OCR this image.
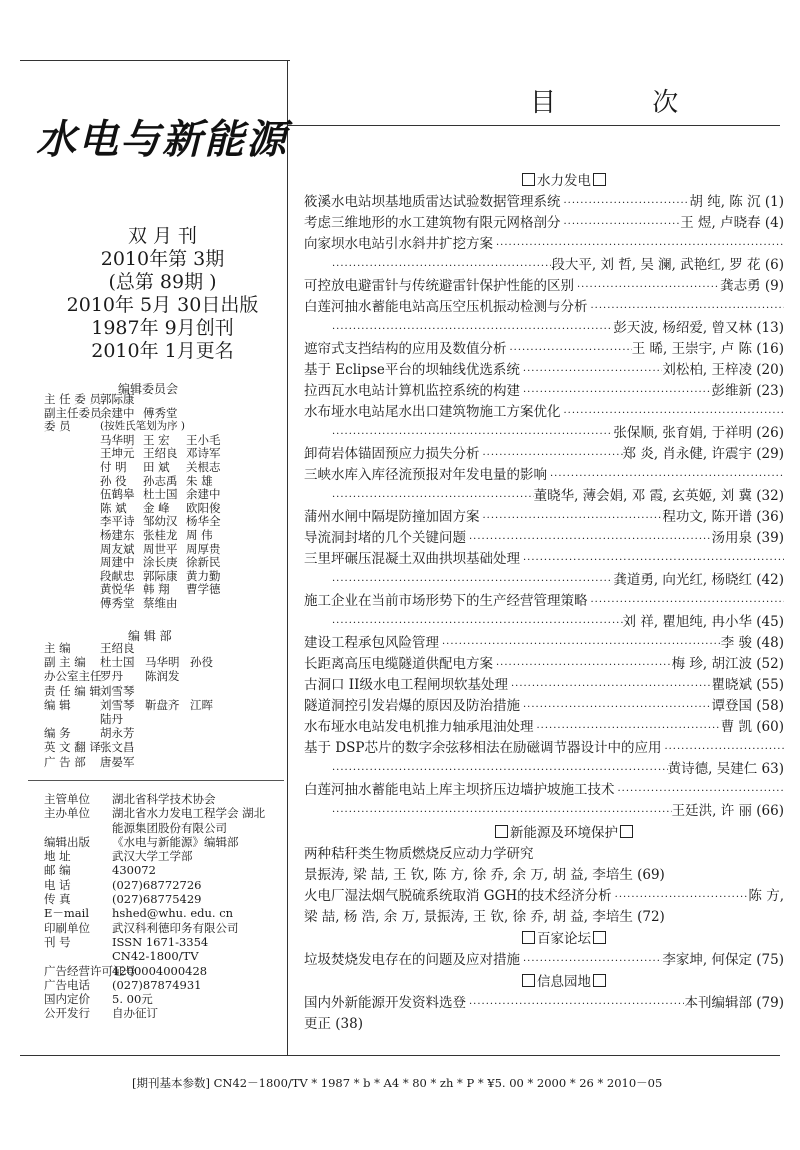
水电与新能源
双 月 刊
2010年第 3期
(总第 89期 )
2010年 5月 30日出版
1987年 9月创刊
2010年 1月更名
编辑委员会
主 任 委 员 郭际康
副主任委员
余建中 傅秀堂
委 员	(按姓氏笔划为序 )
马华明 王 宏	王小毛
王坤元 王绍良 邓诗军
付 明	田 斌	关根志
孙 役	孙志禹 朱 雄
伍鹤皋 杜士国 余建中
陈 斌	金 峰	欧阳俊
李平诗 邹幼汉 杨华全
杨建东 张桂龙 周 伟
周友斌 周世平 周厚贵
周建中 涂长庚 徐新民
段献忠 郭际康 黄力勤
黄悦华 韩 翔	曹学德
傅秀堂 蔡维由
编 辑 部
主 编	王绍良
副 主 编	杜士国 马华明 孙役
办公室主任
罗丹 陈润发
责 任 编 辑 刘雪琴
编 辑	刘雪琴 靳盘齐 江晖
陆丹
编 务	胡永芳
英 文 翻 译 张文昌
广 告 部	唐晏军
主管单位	湖北省科学技术协会
主办单位	湖北省水力发电工程学会 湖北能源集团股份有限公司
编辑出版	《水电与新能源》编辑部
地 址	武汉大学工学部
邮 编	430072
电 话	(027)68772726
传 真	(027)68775429
E－mail	hshed@whu. edu. cn
印刷单位	武汉科利德印务有限公司
刊 号	ISSN 1671-3354
CN42-1800/TV
广告经营许可证号
4200004000428
广告电话	(027)87874931
国内定价	5. 00元
公开发行	自办征订
目 次
水力发电
筱溪水电站坝基地质雷达试验数据管理系统 ·····	胡 纯, 陈 沉 (1)
考虑三维地形的水工建筑物有限元网格剖分 ·····	王 煜, 卢晓春 (4)
向家坝水电站引水斜井扩挖方案
·····
·····
段大平, 刘 哲, 吴 澜, 武艳红, 罗 花 (6)
可控放电避雷针与传统避雷针保护性能的区别 ·····	龚志勇 (9)
白莲河抽水蓄能电站高压空压机振动检测与分析
·····
·····
彭天波, 杨绍爱, 曾又林 (13)
遮帘式支挡结构的应用及数值分析 ·····	王 晞, 王崇宇, 卢 陈 (16)
基于 Eclipse平台的坝轴线优选系统 ·····	刘松柏, 王梓凌 (20)
拉西瓦水电站计算机监控系统的构建 ·····	彭维新 (23)
水布垭水电站尾水出口建筑物施工方案优化
·····
·····
张保顺, 张育娟, 于祥明 (26)
卸荷岩体锚固预应力损失分析 ·····	郑 炎, 肖永健, 许震宇 (29)
三峡水库入库径流预报对年发电量的影响
·····
·····
董晓华, 薄会娟, 邓 霞, 玄英姬, 刘 冀 (32)
蒲州水闸中隔堤防撞加固方案 ·····	程功文, 陈开谱 (36)
导流洞封堵的几个关键问题 ·····	汤用泉 (39)
三里坪碾压混凝土双曲拱坝基础处理
·····
·····
龚道勇, 向光红, 杨晓红 (42)
施工企业在当前市场形势下的生产经营管理策略
·····
·····
刘 祥, 瞿旭纯, 冉小华 (45)
建设工程承包风险管理 ·····	李 骏 (48)
长距离高压电缆隧道供配电方案 ·····	梅 珍, 胡江波 (52)
古洞口 II级水电工程闸坝软基处理 ·····	瞿晓斌 (55)
隧道洞控引发岩爆的原因及防治措施 ·····	谭登国 (58)
水布垭水电站发电机推力轴承甩油处理 ·····	曹 凯 (60)
基于 DSP芯片的数字余弦移相法在励磁调节器设计中的应用
·····
·····
黄诗德, 吴建仁 63)
白莲河抽水蓄能电站上库主坝挤压边墙护坡施工技术
·····
·····
王廷洪, 许 丽 (66)
新能源及环境保护
两种秸秆类生物质燃烧反应动力学研究
景振涛, 梁 喆, 王 钦, 陈 方, 徐 乔, 余 万, 胡 益, 李培生 (69)
火电厂湿法烟气脱硫系统取消 GGH的技术经济分析 ·····	陈 方,
梁 喆, 杨 浩, 余 万, 景振涛, 王 钦, 徐 乔, 胡 益, 李培生 (72)
百家论坛
垃圾焚烧发电存在的问题及应对措施 ·····	李家坤, 何保定 (75)
信息园地
国内外新能源开发资料选登 ·····	本刊编辑部 (79)
更正 (38)
[期刊基本参数] CN42－1800/TV * 1987 * b * A4 * 80 * zh * P * ¥5. 00 * 2000 * 26 * 2010－05
